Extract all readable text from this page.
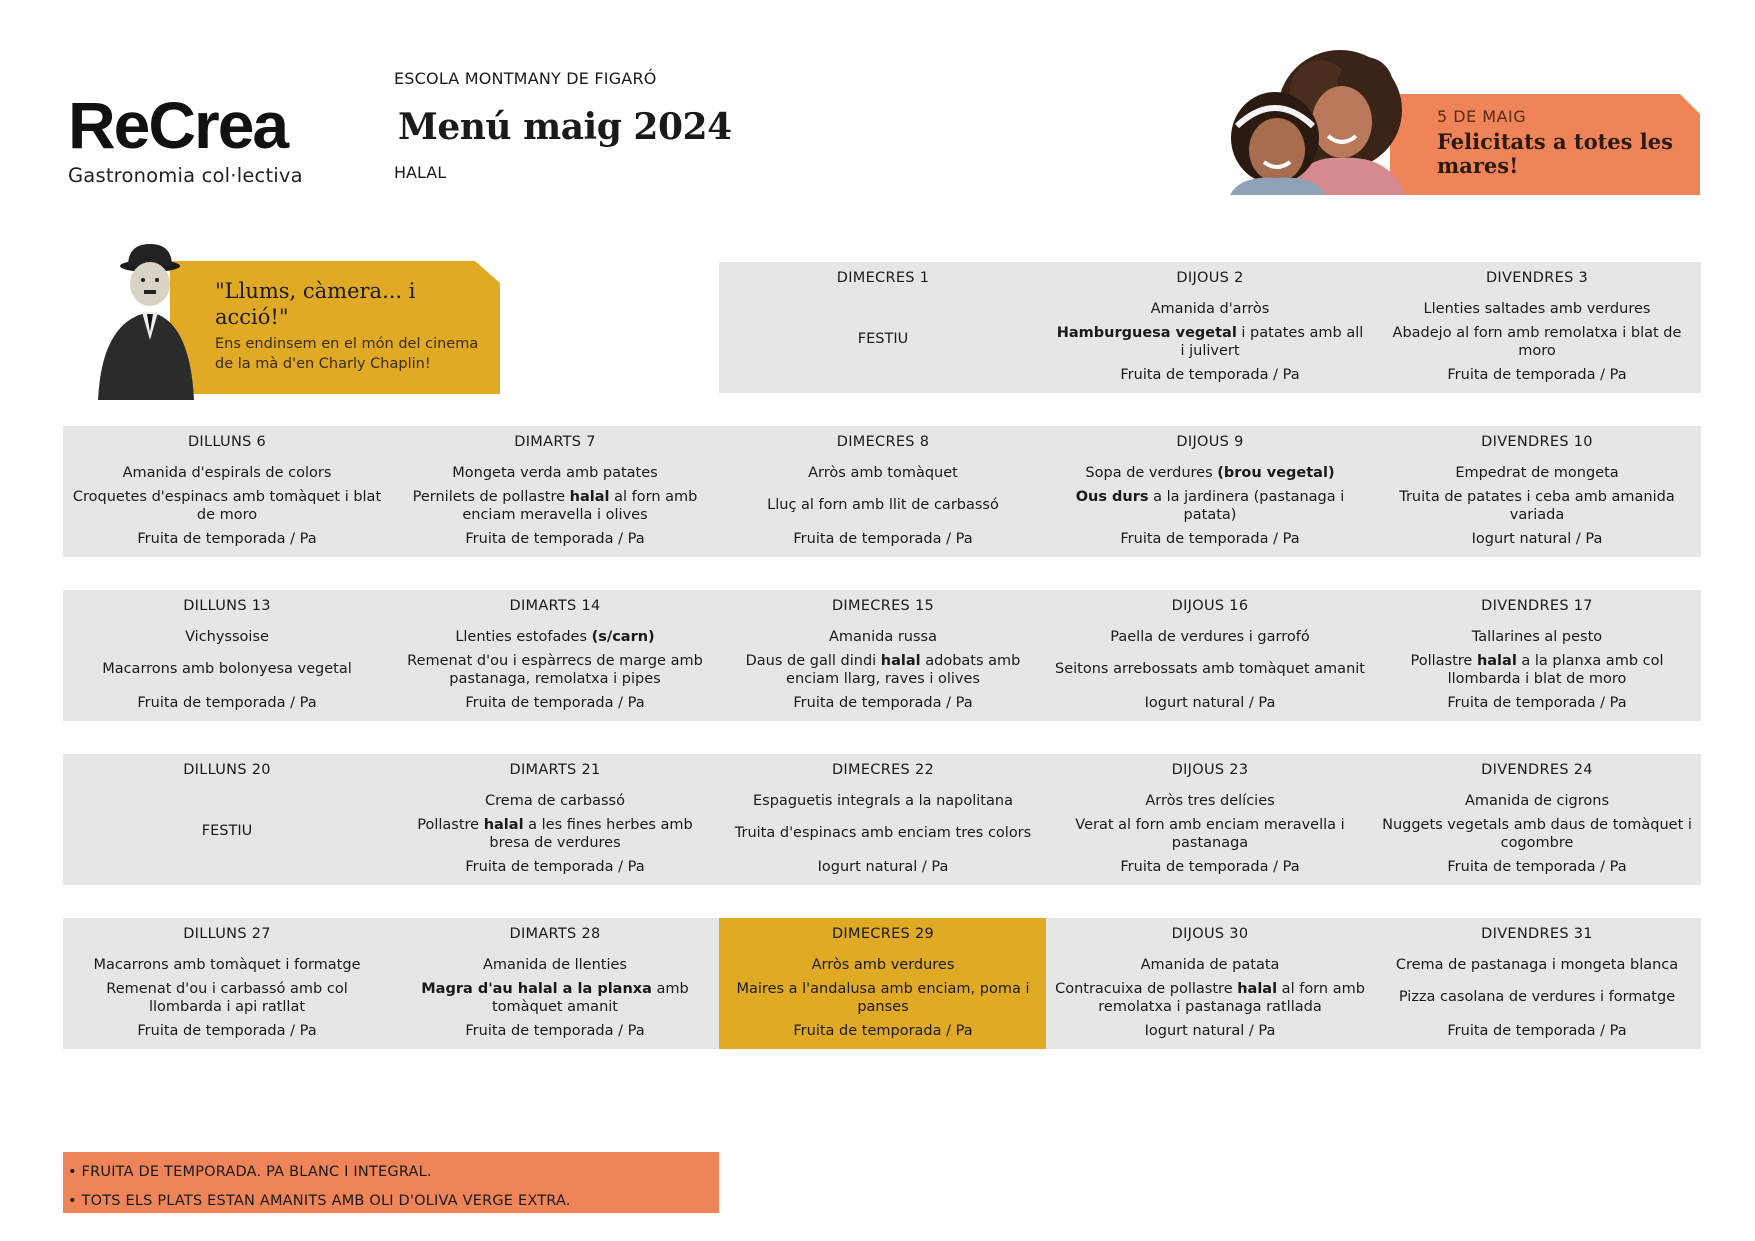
ReCrea
Gastronomia col·lectiva
ESCOLA MONTMANY DE FIGARÓ
Menú maig 2024
HALAL
5 DE MAIG
Felicitats a totes les mares!
"Llums, càmera... i acció!"
Ens endinsem en el món del cinema de la mà d'en Charly Chaplin!
DIMECRES 1
FESTIU
DIJOUS 2
Amanida d'arròs
Hamburguesa vegetal i patates amb all i julivert
Fruita de temporada / Pa
DIVENDRES 3
Llenties saltades amb verdures
Abadejo al forn amb remolatxa i blat de moro
Fruita de temporada / Pa
DILLUNS 6
Amanida d'espirals de colors
Croquetes d'espinacs amb tomàquet i blat de moro
Fruita de temporada / Pa
DIMARTS 7
Mongeta verda amb patates
Pernilets de pollastre halal al forn amb enciam meravella i olives
Fruita de temporada / Pa
DIMECRES 8
Arròs amb tomàquet
Lluç al forn amb llit de carbassó
Fruita de temporada / Pa
DIJOUS 9
Sopa de verdures (brou vegetal)
Ous durs a la jardinera (pastanaga i patata)
Fruita de temporada / Pa
DIVENDRES 10
Empedrat de mongeta
Truita de patates i ceba amb amanida variada
Iogurt natural / Pa
DILLUNS 13
Vichyssoise
Macarrons amb bolonyesa vegetal
Fruita de temporada / Pa
DIMARTS 14
Llenties estofades (s/carn)
Remenat d'ou i espàrrecs de marge amb pastanaga, remolatxa i pipes
Fruita de temporada / Pa
DIMECRES 15
Amanida russa
Daus de gall dindi halal adobats amb enciam llarg, raves i olives
Fruita de temporada / Pa
DIJOUS 16
Paella de verdures i garrofó
Seitons arrebossats amb tomàquet amanit
Iogurt natural / Pa
DIVENDRES 17
Tallarines al pesto
Pollastre halal a la planxa amb col llombarda i blat de moro
Fruita de temporada / Pa
DILLUNS 20
FESTIU
DIMARTS 21
Crema de carbassó
Pollastre halal a les fines herbes amb bresa de verdures
Fruita de temporada / Pa
DIMECRES 22
Espaguetis integrals a la napolitana
Truita d'espinacs amb enciam tres colors
Iogurt natural / Pa
DIJOUS 23
Arròs tres delícies
Verat al forn amb enciam meravella i pastanaga
Fruita de temporada / Pa
DIVENDRES 24
Amanida de cigrons
Nuggets vegetals amb daus de tomàquet i cogombre
Fruita de temporada / Pa
DILLUNS 27
Macarrons amb tomàquet i formatge
Remenat d'ou i carbassó amb col llombarda i api ratllat
Fruita de temporada / Pa
DIMARTS 28
Amanida de llenties
Magra d'au halal a la planxa amb tomàquet amanit
Fruita de temporada / Pa
DIMECRES 29
Arròs amb verdures
Maires a l'andalusa amb enciam, poma i panses
Fruita de temporada / Pa
DIJOUS 30
Amanida de patata
Contracuixa de pollastre halal al forn amb remolatxa i pastanaga ratllada
Iogurt natural / Pa
DIVENDRES 31
Crema de pastanaga i mongeta blanca
Pizza casolana de verdures i formatge
Fruita de temporada / Pa
• FRUITA DE TEMPORADA. PA BLANC I INTEGRAL.
• TOTS ELS PLATS ESTAN AMANITS AMB OLI D'OLIVA VERGE EXTRA.
